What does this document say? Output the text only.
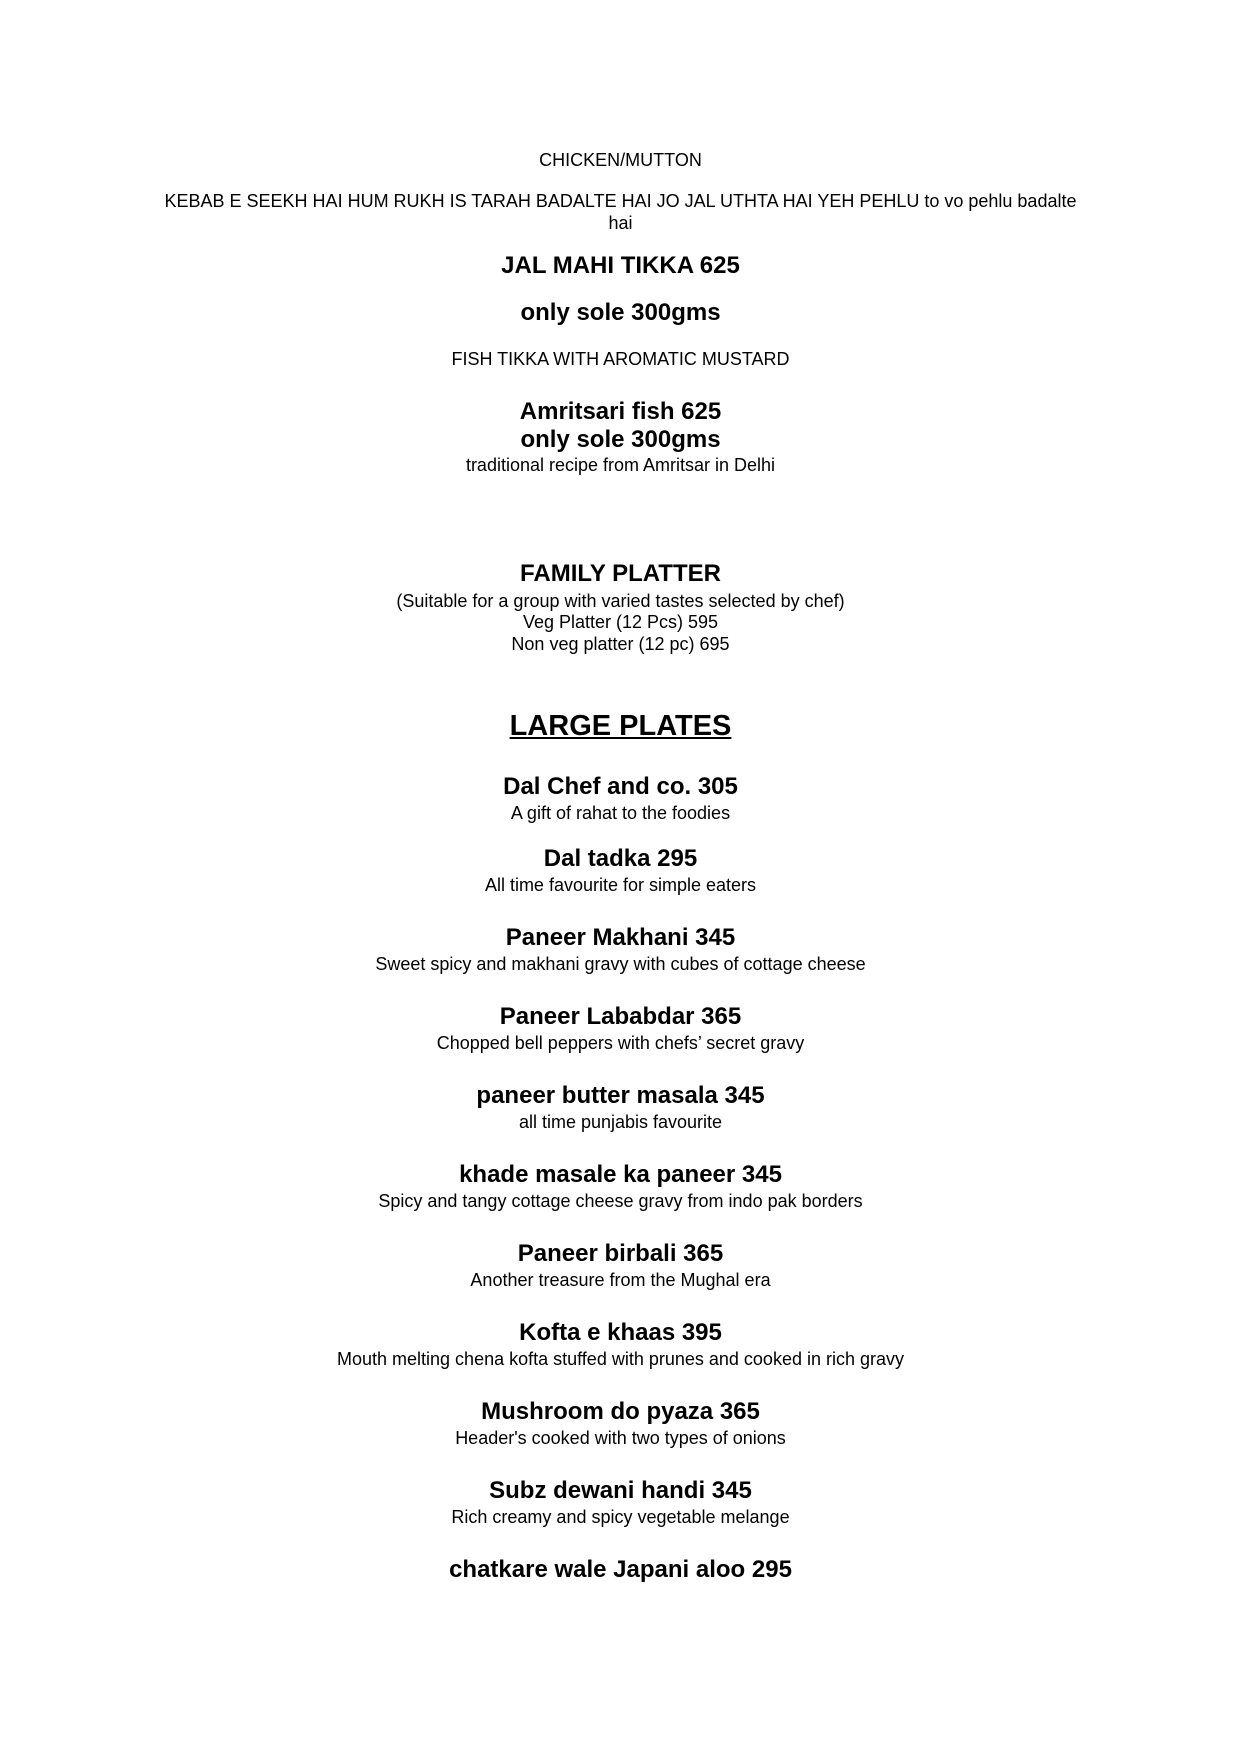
CHICKEN/MUTTON
KEBAB E SEEKH HAI HUM RUKH IS TARAH BADALTE HAI JO JAL UTHTA HAI YEH PEHLU to vo pehlu badalte hai
JAL MAHI TIKKA 625
only sole 300gms
FISH TIKKA WITH AROMATIC MUSTARD
Amritsari fish 625
only sole 300gms
traditional recipe from Amritsar in Delhi
FAMILY PLATTER
(Suitable for a group with varied tastes selected by chef)
Veg Platter (12 Pcs) 595
Non veg platter (12 pc) 695
LARGE PLATES
Dal Chef and co. 305
A gift of rahat to the foodies
Dal tadka 295
All time favourite for simple eaters
Paneer Makhani 345
Sweet spicy and makhani gravy with cubes of cottage cheese
Paneer Lababdar 365
Chopped bell peppers with chefs’ secret gravy
paneer butter masala 345
all time punjabis favourite
khade masale ka paneer 345
Spicy and tangy cottage cheese gravy from indo pak borders
Paneer birbali 365
Another treasure from the Mughal era
Kofta e khaas 395
Mouth melting chena kofta stuffed with prunes and cooked in rich gravy
Mushroom do pyaza 365
Header's cooked with two types of onions
Subz dewani handi 345
Rich creamy and spicy vegetable melange
chatkare wale Japani aloo 295
